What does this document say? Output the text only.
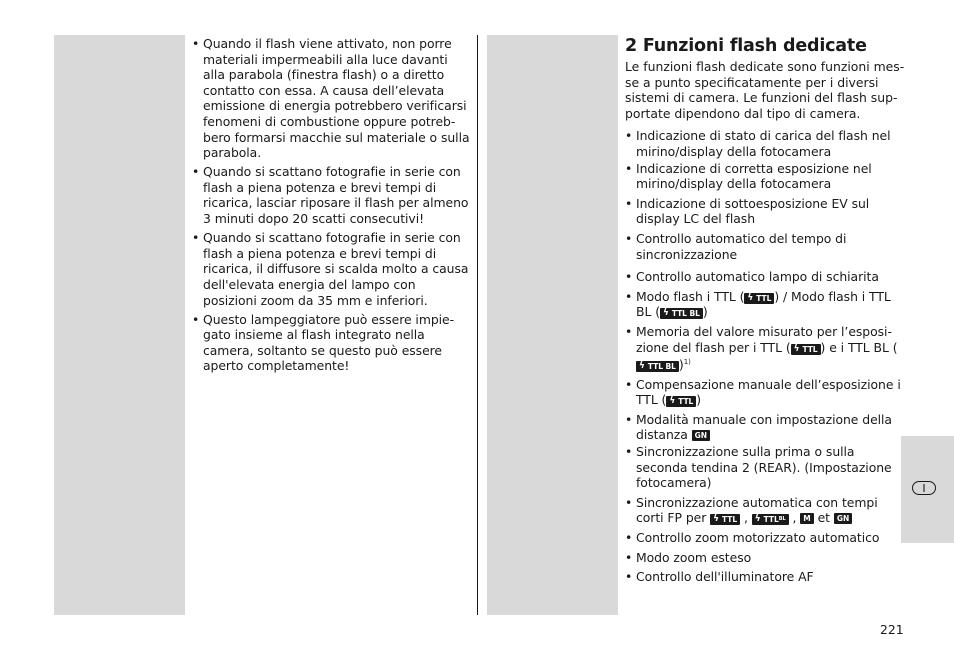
I
• Quando il flash viene attivato, non porre materiali impermeabili alla luce davanti alla parabola (finestra flash) o a diretto contatto con essa. A causa dell’elevata emissione di energia potrebbero verificarsi fenomeni di combustione oppure potreb-bero formarsi macchie sul materiale o sulla parabola.
• Quando si scattano fotografie in serie con flash a piena potenza e brevi tempi di ricarica, lasciar riposare il flash per almeno 3 minuti dopo 20 scatti consecutivi!
• Quando si scattano fotografie in serie con flash a piena potenza e brevi tempi di ricarica, il diffusore si scalda molto a causa dell'elevata energia del lampo con posizioni zoom da 35 mm e inferiori.
• Questo lampeggiatore può essere impie-gato insieme al flash integrato nella camera, soltanto se questo può essere aperto completamente!
2 Funzioni flash dedicate

Le funzioni flash dedicate sono funzioni mes-se a punto specificatamente per i diversi sistemi di camera. Le funzioni del flash sup-portate dipendono dal tipo di camera.

• Indicazione di stato di carica del flash nel mirino/display della fotocamera
• Indicazione di corretta esposizione nel mirino/display della fotocamera
• Indicazione di sottoesposizione EV sul display LC del flash
• Controllo automatico del tempo di sincronizzazione
• Controllo automatico lampo di schiarita
• Modo flash i TTL ( ϟ TTL ) / Modo flash i TTL BL ( ϟ TTL BL )
• Memoria del valore misurato per l’esposi-zione del flash per i TTL ( ϟ TTL ) e i TTL BL (
ϟ TTL BL )$^{1)}$
• Compensazione manuale dell’esposizione i TTL ( ϟ TTL )
• Modalità manuale con impostazione della distanza GN
• Sincronizzazione sulla prima o sulla seconda tendina 2 (REAR). (Impostazione fotocamera)
• Sincronizzazione automatica con tempi corti FP per ϟ TTL , ϟ TTL BL , M et GN
• Controllo zoom motorizzato automatico
• Modo zoom esteso
• Controllo dell'illuminatore AF
221
